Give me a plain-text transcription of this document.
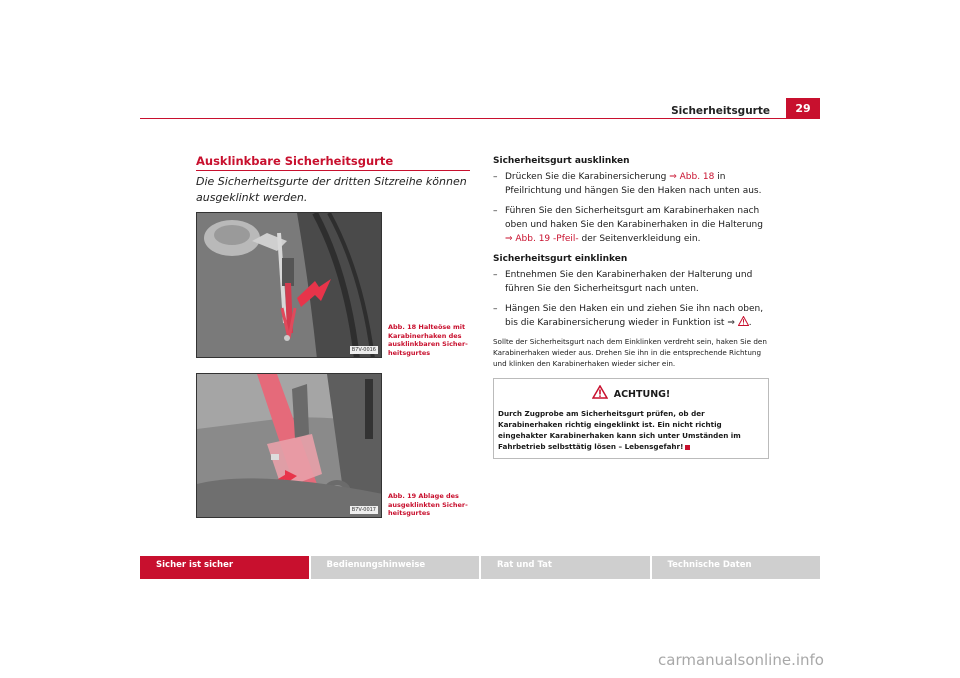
Sicherheitsgurte	29
Ausklinkbare Sicherheitsgurte
Die Sicherheitsgurte der dritten Sitzreihe können ausgeklinkt werden.
B7V-0016
Abb. 18 Halteöse mit Karabinerhaken des ausklinkbaren Sicher-heitsgurtes
B7V-0017
Abb. 19 Ablage des ausgeklinkten Sicher-heitsgurtes
Sicherheitsgurt ausklinken
– Drücken Sie die Karabinersicherung ⇒ Abb. 18 in Pfeilrichtung und hängen Sie den Haken nach unten aus.
– Führen Sie den Sicherheitsgurt am Karabinerhaken nach oben und haken Sie den Karabinerhaken in die Halterung ⇒ Abb. 19 -Pfeil- der Seitenverkleidung ein.
Sicherheitsgurt einklinken
– Entnehmen Sie den Karabinerhaken der Halterung und führen Sie den Sicherheitsgurt nach unten.
– Hängen Sie den Haken ein und ziehen Sie ihn nach oben, bis die Karabinersicherung wieder in Funktion ist ⇒ .
Sollte der Sicherheitsgurt nach dem Einklinken verdreht sein, haken Sie den Karabinerhaken wieder aus. Drehen Sie ihn in die entsprechende Richtung und klinken den Karabinerhaken wieder sicher ein.
ACHTUNG!
Durch Zugprobe am Sicherheitsgurt prüfen, ob der Karabinerhaken richtig eingeklinkt ist. Ein nicht richtig eingehakter Karabinerhaken kann sich unter Umständen im Fahrbetrieb selbsttätig lösen – Lebensgefahr!
Sicher ist sicher	Bedienungshinweise	Rat und Tat	Technische Daten
carmanualsonline.info
